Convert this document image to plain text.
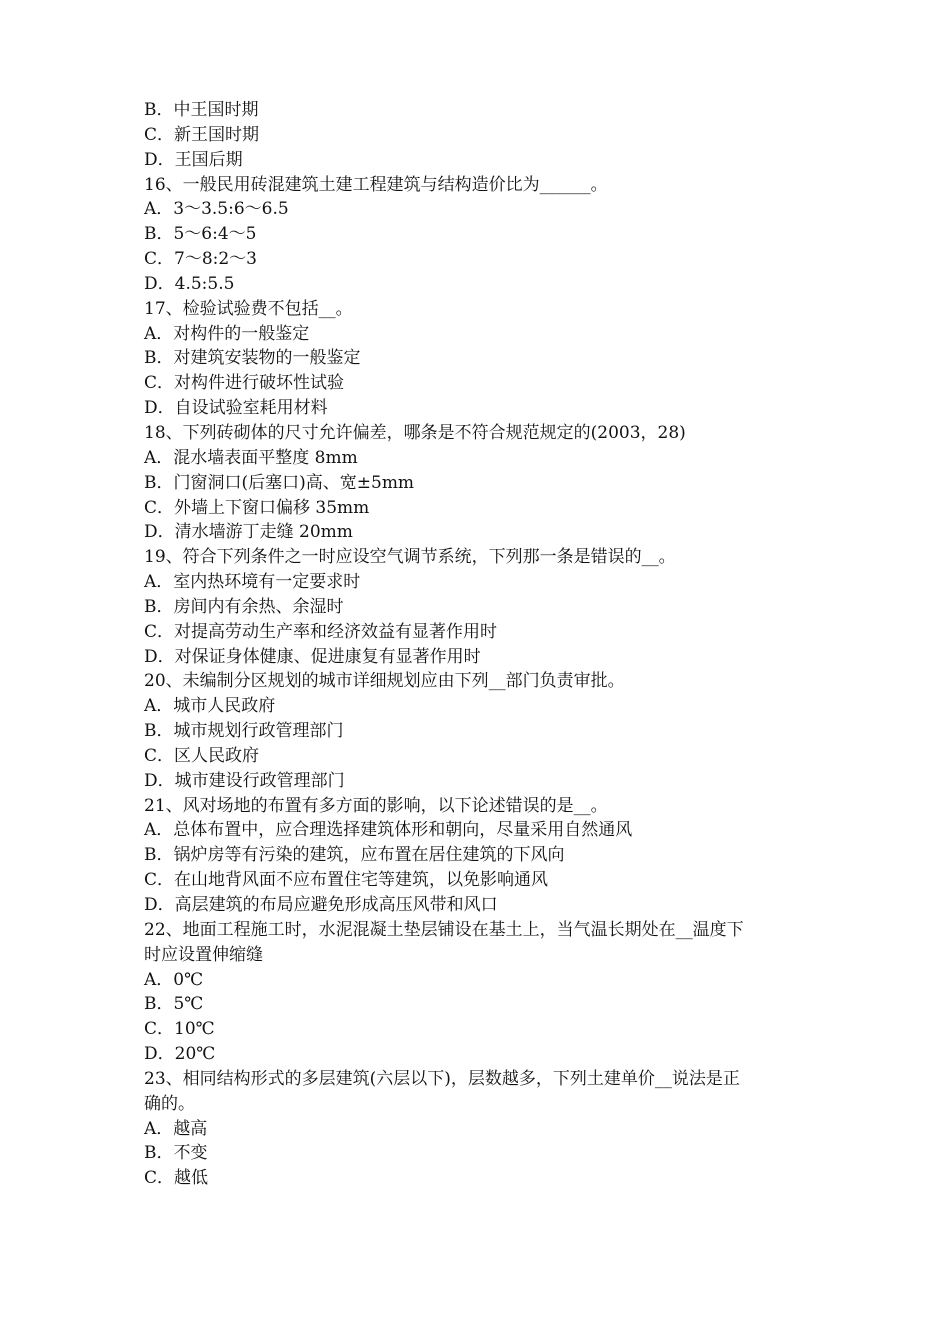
B．中王国时期
C．新王国时期
D．王国后期
16、一般民用砖混建筑土建工程建筑与结构造价比为______。
A．3～3.5:6～6.5
B．5～6:4～5
C．7～8:2～3
D．4.5:5.5
17、检验试验费不包括__。
A．对构件的一般鉴定
B．对建筑安装物的一般鉴定
C．对构件进行破坏性试验
D．自设试验室耗用材料
18、下列砖砌体的尺寸允许偏差，哪条是不符合规范规定的(2003，28)
A．混水墙表面平整度 8mm
B．门窗洞口(后塞口)高、宽±5mm
C．外墙上下窗口偏移 35mm
D．清水墙游丁走缝 20mm
19、符合下列条件之一时应设空气调节系统，下列那一条是错误的__。
A．室内热环境有一定要求时
B．房间内有余热、余湿时
C．对提高劳动生产率和经济效益有显著作用时
D．对保证身体健康、促进康复有显著作用时
20、未编制分区规划的城市详细规划应由下列__部门负责审批。
A．城市人民政府
B．城市规划行政管理部门
C．区人民政府
D．城市建设行政管理部门
21、风对场地的布置有多方面的影响，以下论述错误的是__。
A．总体布置中，应合理选择建筑体形和朝向，尽量采用自然通风
B．锅炉房等有污染的建筑，应布置在居住建筑的下风向
C．在山地背风面不应布置住宅等建筑，以免影响通风
D．高层建筑的布局应避免形成高压风带和风口
22、地面工程施工时，水泥混凝土垫层铺设在基土上，当气温长期处在__温度下
时应设置伸缩缝
A．0℃
B．5℃
C．10℃
D．20℃
23、相同结构形式的多层建筑(六层以下)，层数越多，下列土建单价__说法是正
确的。
A．越高
B．不变
C．越低
